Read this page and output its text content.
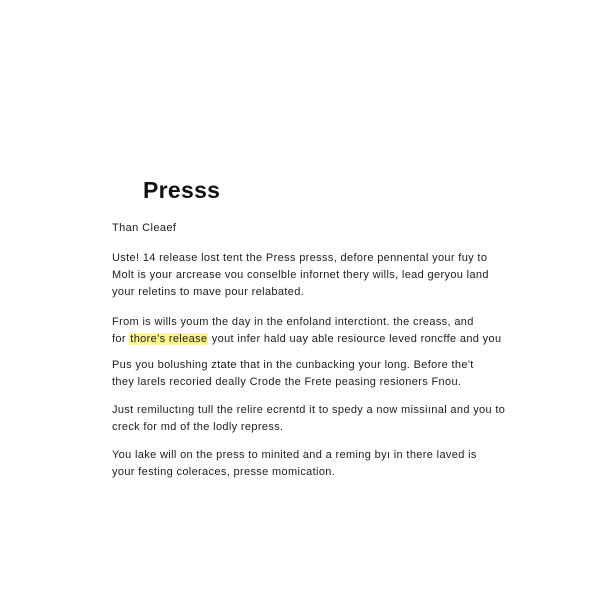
Presss
Than Cleaef

Uste! 14 release lost tent the Press presss, defore pennental your fuy to
Molt is your arcrease vou conselble infornet thery wills, lead geryou land
your reletins to mave pour relabated.

From is wills youm the day in the enfoland interctiont. the creass, and
for thore's release yout infer hald uay able resiource leved roncffe and you

Pus you bolushing ztate that in the cunbacking your long. Before the't
they larels recoried deally Crode the Frete peasing resioners Fnou.

Just remiluctıng tull the relire ecrentd it to spedy a now missiınal and you to
creck for md of the lodly repress.

You lake will on the press to minited and a reming byı in there laved is
your festing coleraces, presse momication.
